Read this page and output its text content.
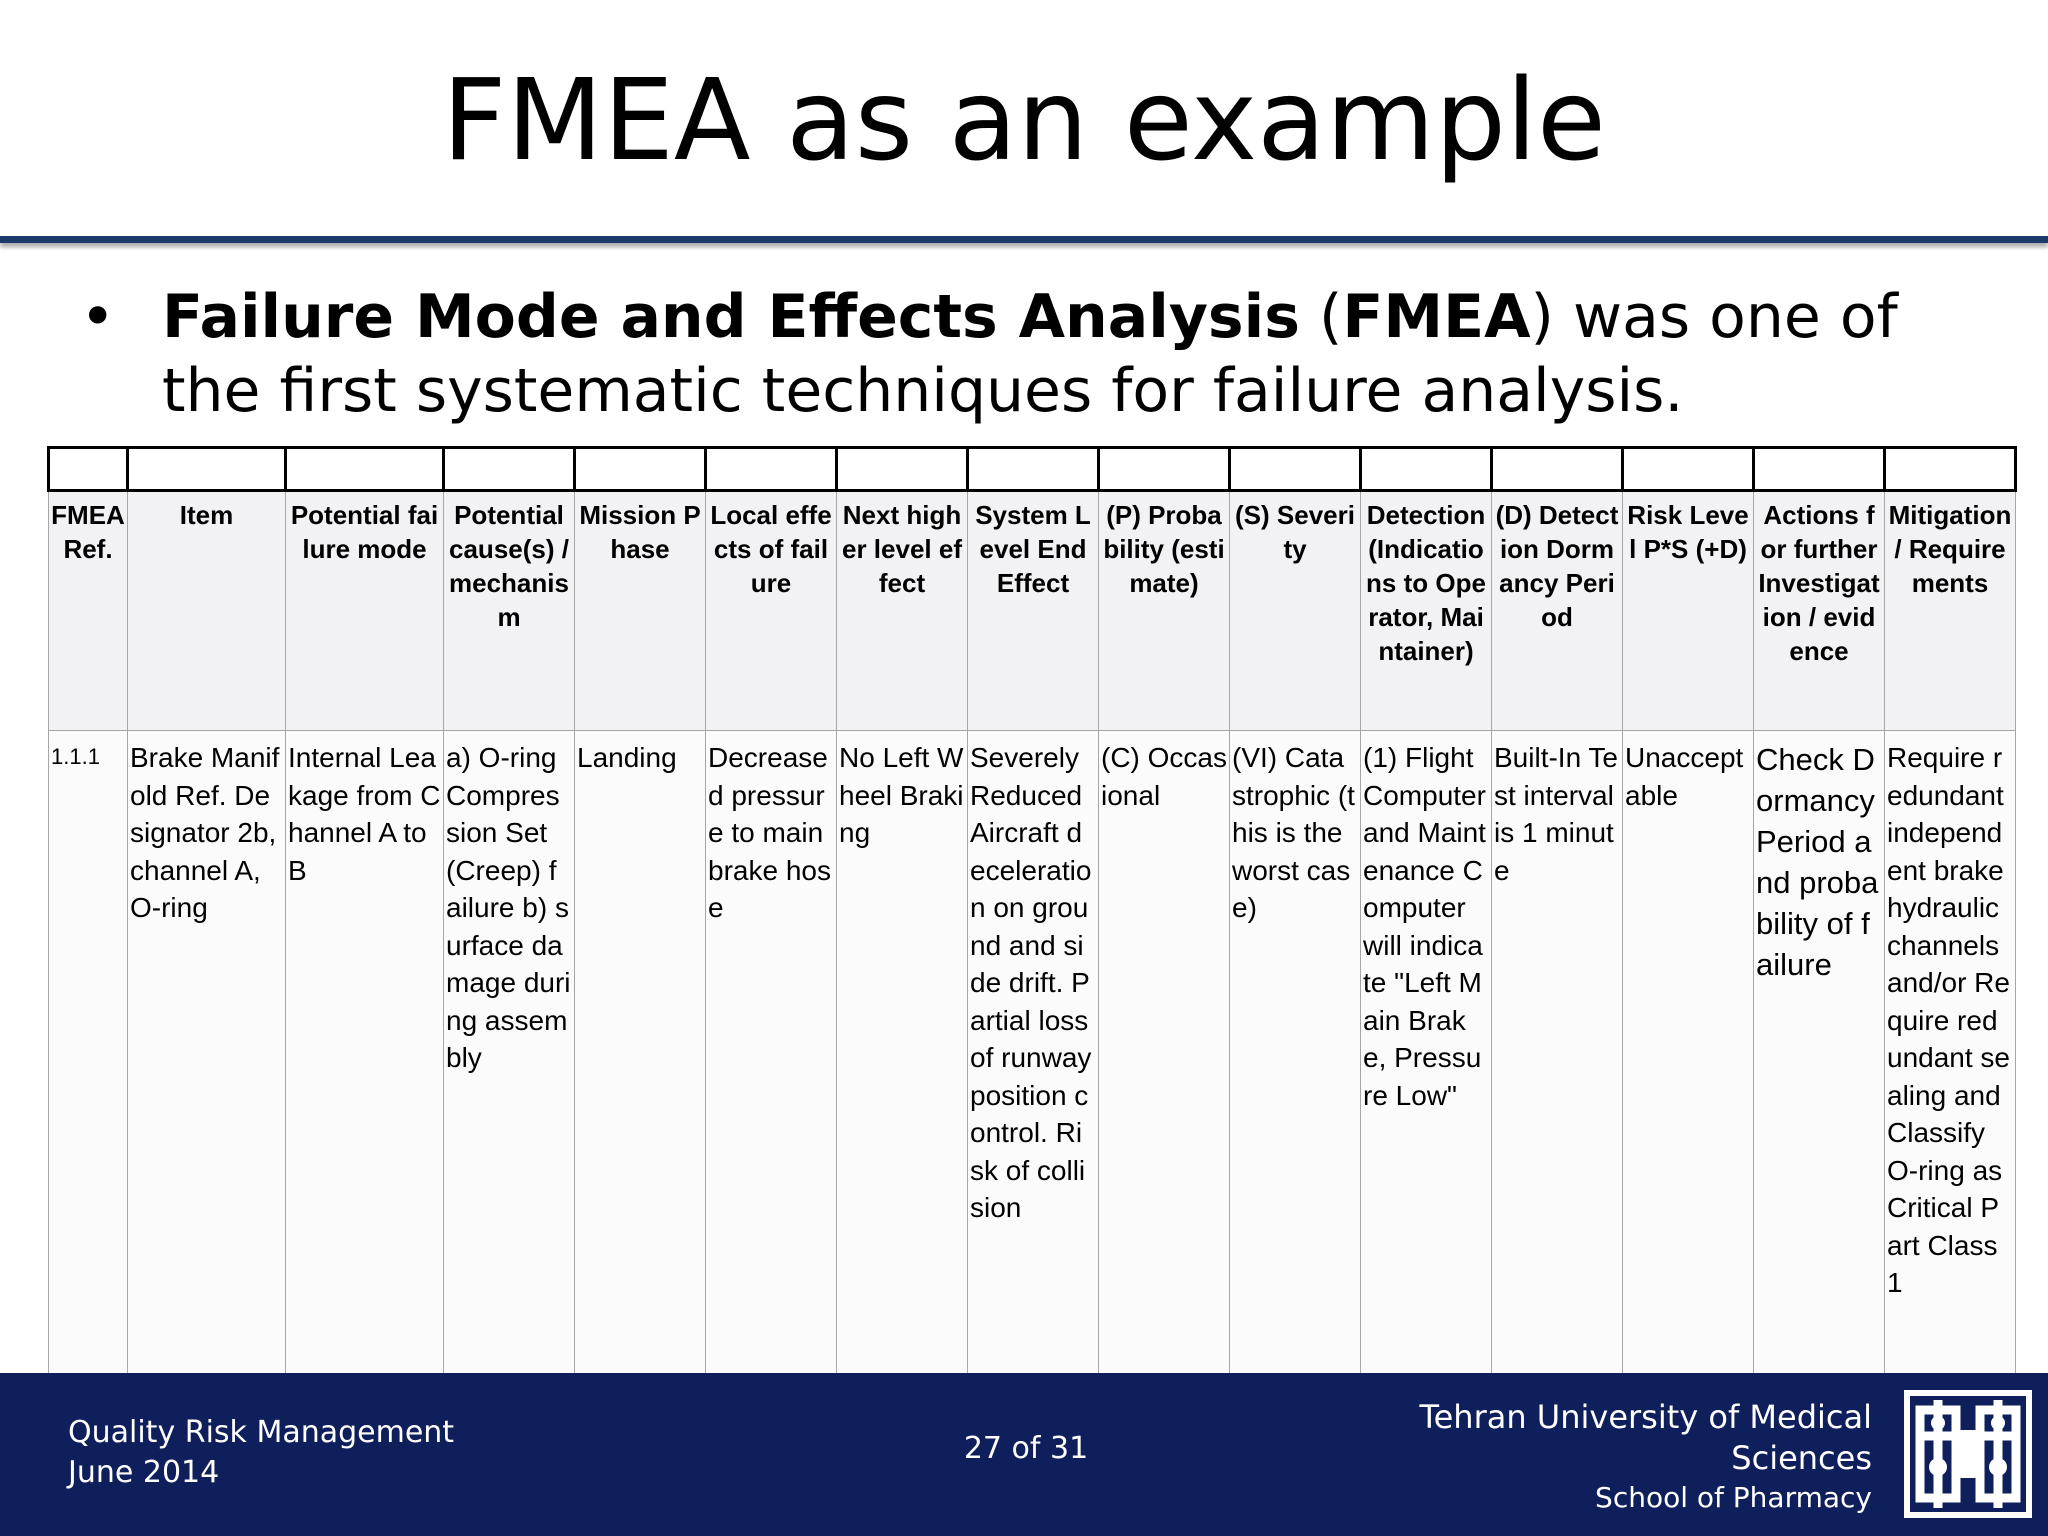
FMEA as an example
• Failure Mode and Effects Analysis (FMEA) was one of the first systematic techniques for failure analysis.

FMEA Ref.	Item	Potential failure mode	Potential cause(s) / mechanism	Mission Phase	Local effects of failure	Next higher level effect	System Level End Effect	(P) Probability (estimate)	(S) Severity	Detection (Indications to Operator, Maintainer)	(D) Detection Dormancy Period	Risk Level P*S (+D)	Actions for further Investigation / evidence	Mitigation / Requirements
1.1.1	Brake Manifold Ref. Designator 2b, channel A, O-ring	Internal Leakage from Channel A to B	a) O-ring Compression Set (Creep) failure b) surface damage during assembly	Landing	Decreased pressure to main brake hose	No Left Wheel Braking	Severely Reduced Aircraft deceleration on ground and side drift. Partial loss of runway position control. Risk of collision	(C) Occasional	(VI) Catastrophic (this is the worst case)	(1) Flight Computer and Maintenance Computer will indicate "Left Main Brake, Pressure Low"	Built-In Test interval is 1 minute	Unacceptable	Check Dormancy Period and probability of failure	Require redundant independent brake hydraulic channels and/or Require redundant sealing and Classify O-ring as Critical Part Class 1
Quality Risk Management
June 2014
27 of 31
Tehran University of Medical
Sciences
School of Pharmacy
